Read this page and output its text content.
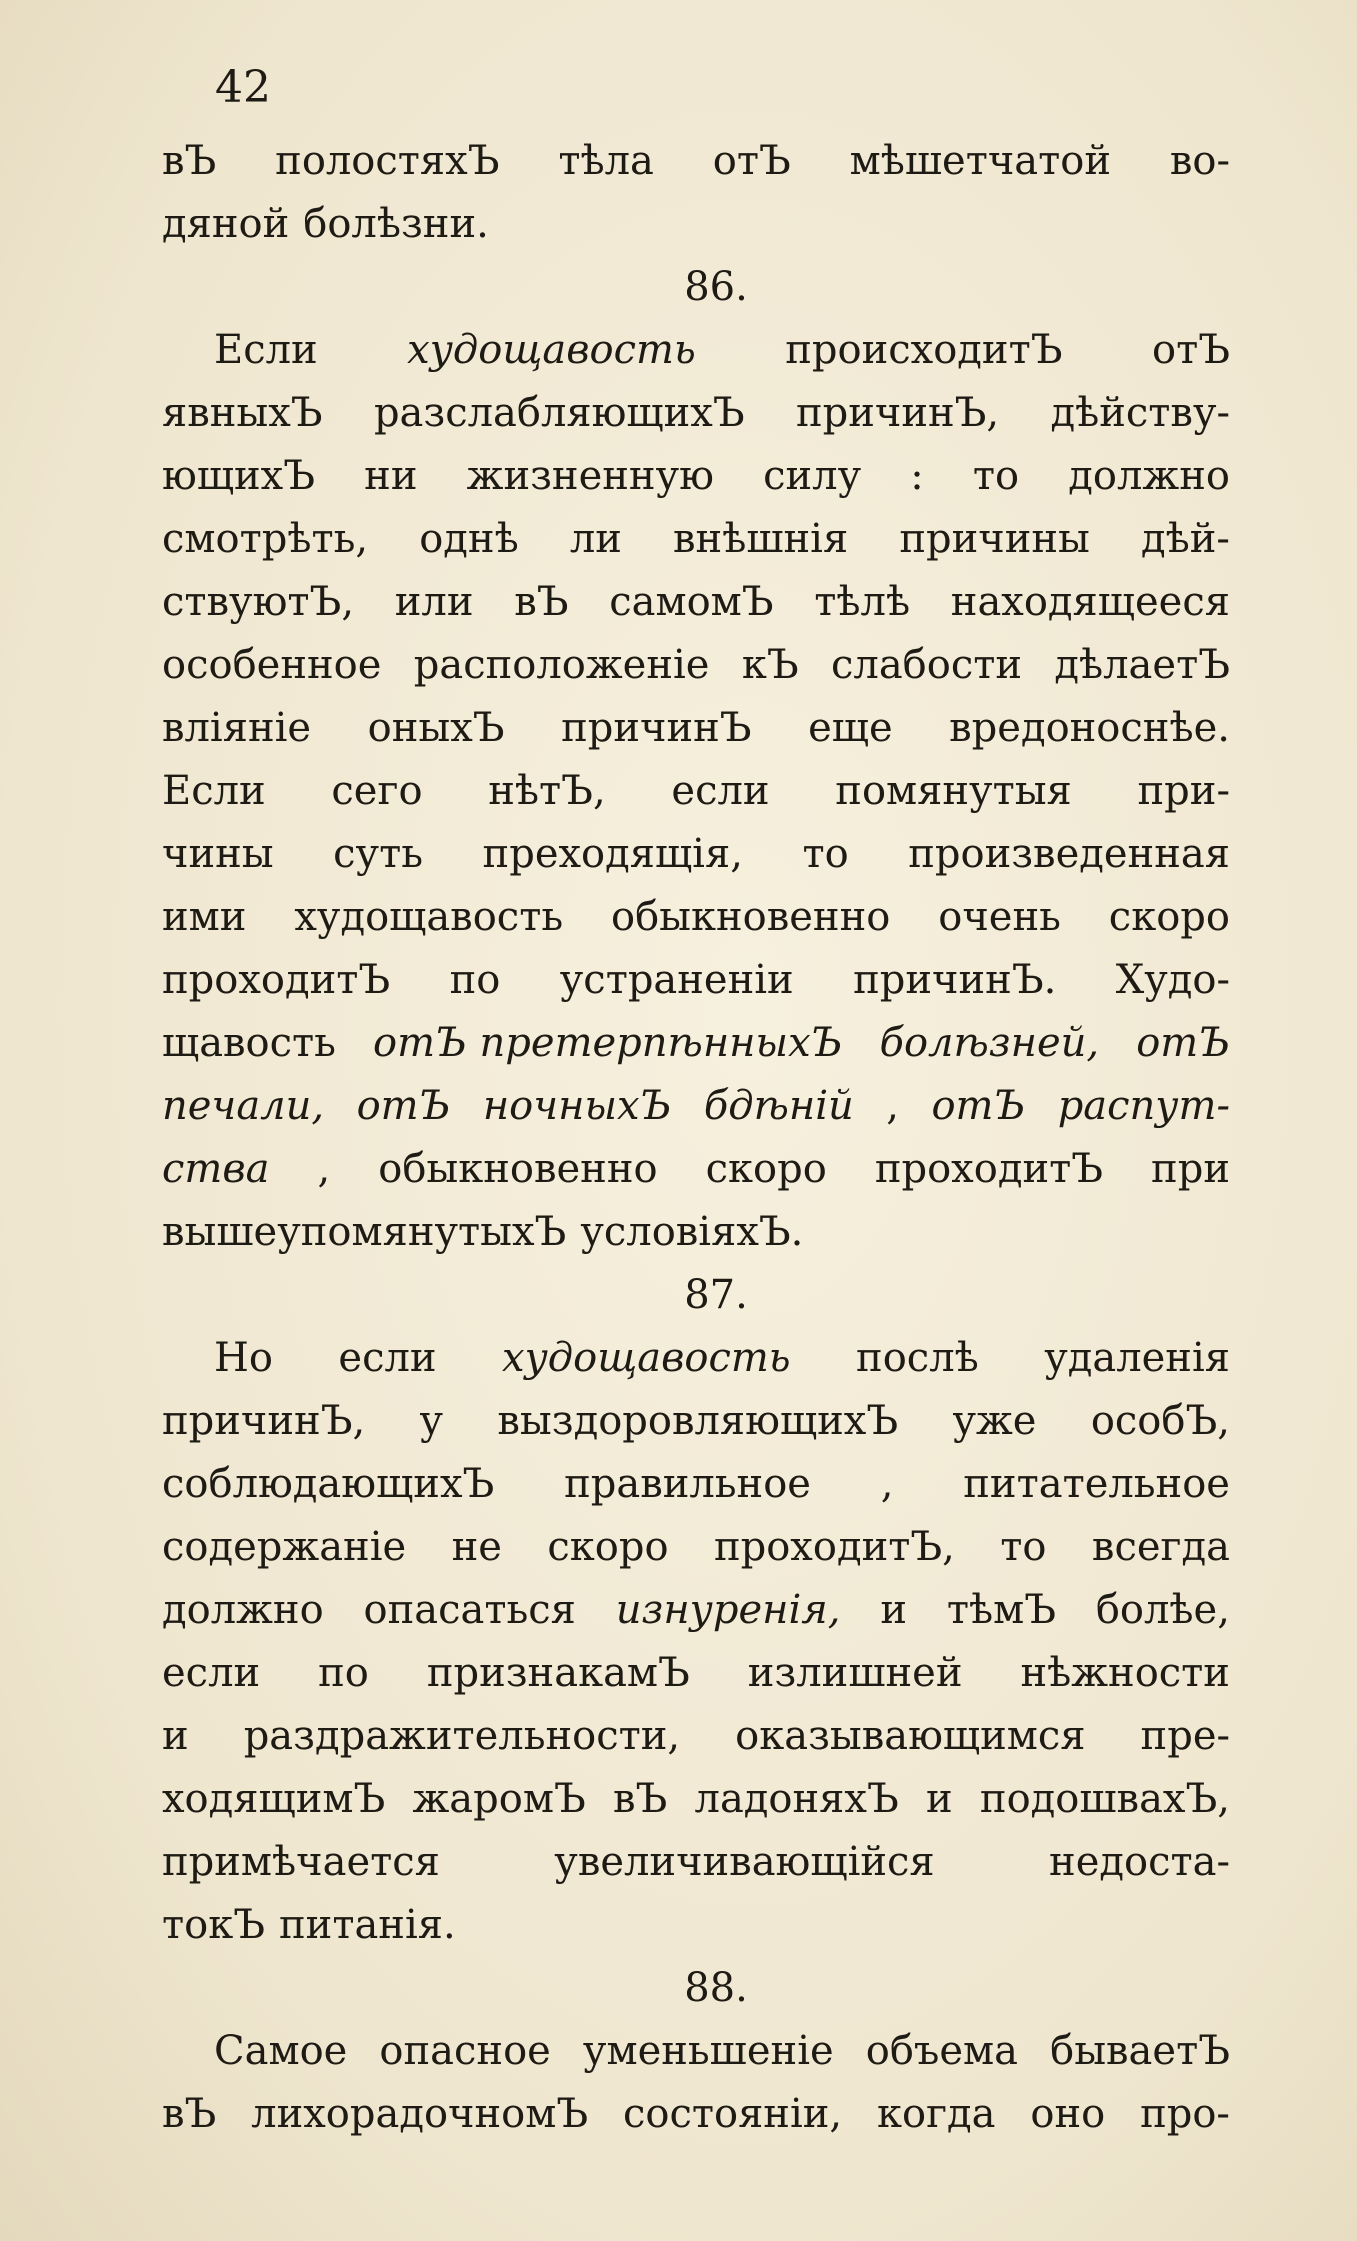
42
вЪ полостяхЪ тѣла отЪ мѣшетчатой во-
дяной болѣзни.
86.
Если худощавость происходитЪ отЪ
явныхЪ разслабляющихЪ причинЪ, дѣйству-
ющихЪ ни жизненную силу : то должно
смотрѣть, однѣ ли внѣшнія причины дѣй-
ствуютЪ, или вЪ самомЪ тѣлѣ находящееся
особенное расположеніе кЪ слабости дѣлаетЪ
вліяніе оныхЪ причинЪ еще вредоноснѣе.
Если сего нѣтЪ, если помянутыя при-
чины суть преходящія, то произведенная
ими худощавость обыкновенно очень скоро
проходитЪ по устраненіи причинЪ. Худо-
щавость отЪ претерпѣнныхЪ болѣзней, отЪ
печали, отЪ ночныхЪ бдѣній , отЪ распут-
ства , обыкновенно скоро проходитЪ при
вышеупомянутыхЪ условіяхЪ.
87.
Но если худощавость послѣ удаленія
причинЪ, у выздоровляющихЪ уже особЪ,
соблюдающихЪ правильное , питательное
содержаніе не скоро проходитЪ, то всегда
должно опасаться изнуренія, и тѣмЪ болѣе,
если по признакамЪ излишней нѣжности
и раздражительности, оказывающимся пре-
ходящимЪ жаромЪ вЪ ладоняхЪ и подошвахЪ,
примѣчается	увеличивающійся	недоста-
токЪ питанія.
88.
Самое опасное уменьшеніе объема бываетЪ
вЪ лихорадочномЪ состояніи, когда оно про-
